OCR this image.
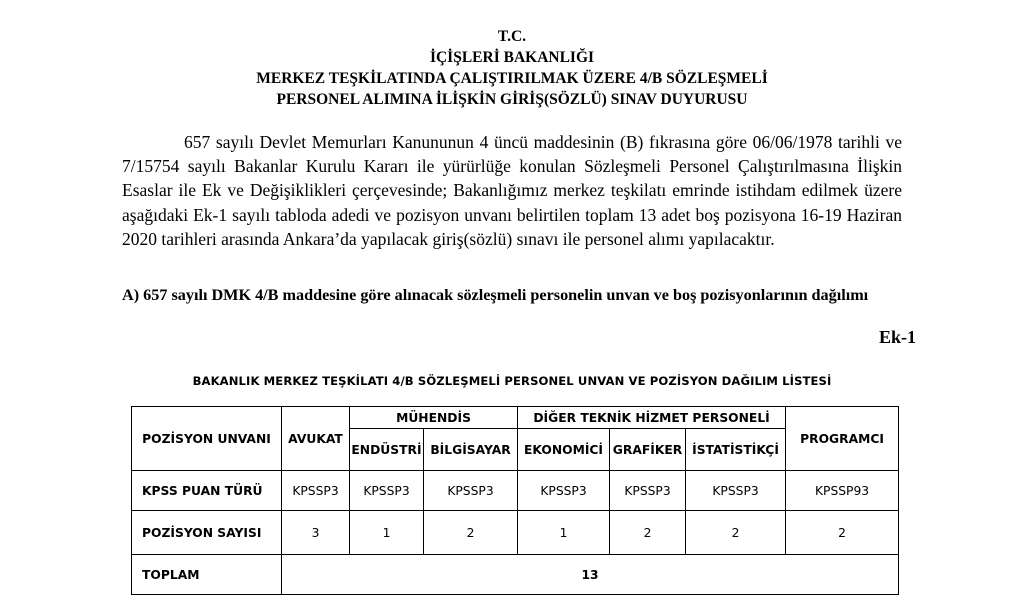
T.C.
İÇİŞLERİ BAKANLIĞI
MERKEZ TEŞKİLATINDA ÇALIŞTIRILMAK ÜZERE 4/B SÖZLEŞMELİ
PERSONEL ALIMINA İLİŞKİN GİRİŞ(SÖZLÜ) SINAV DUYURUSU

657 sayılı Devlet Memurları Kanununun 4 üncü maddesinin (B) fıkrasına göre 06/06/1978 tarihli ve 7/15754 sayılı Bakanlar Kurulu Kararı ile yürürlüğe konulan Sözleşmeli Personel Çalıştırılmasına İlişkin Esaslar ile Ek ve Değişiklikleri çerçevesinde; Bakanlığımız merkez teşkilatı emrinde istihdam edilmek üzere aşağıdaki Ek-1 sayılı tabloda adedi ve pozisyon unvanı belirtilen toplam 13 adet boş pozisyona 16-19 Haziran 2020 tarihleri arasında Ankara’da yapılacak giriş(sözlü) sınavı ile personel alımı yapılacaktır.

A) 657 sayılı DMK 4/B maddesine göre alınacak sözleşmeli personelin unvan ve boş pozisyonlarının dağılımı

Ek-1
BAKANLIK MERKEZ TEŞKİLATI 4/B SÖZLEŞMELİ PERSONEL UNVAN VE POZİSYON DAĞILIM LİSTESİ
POZİSYON UNVANI	AVUKAT	MÜHENDİS		DİĞER TEKNİK HİZMET PERSONELİ			PROGRAMCI
		ENDÜSTRİ	BİLGİSAYAR	EKONOMİCİ	GRAFİKER	İSTATİSTİKÇİ	
KPSS PUAN TÜRÜ	KPSSP3	KPSSP3	KPSSP3	KPSSP3	KPSSP3	KPSSP3	KPSSP93
POZİSYON SAYISI	3	1	2	1	2	2	2
TOPLAM	13						
